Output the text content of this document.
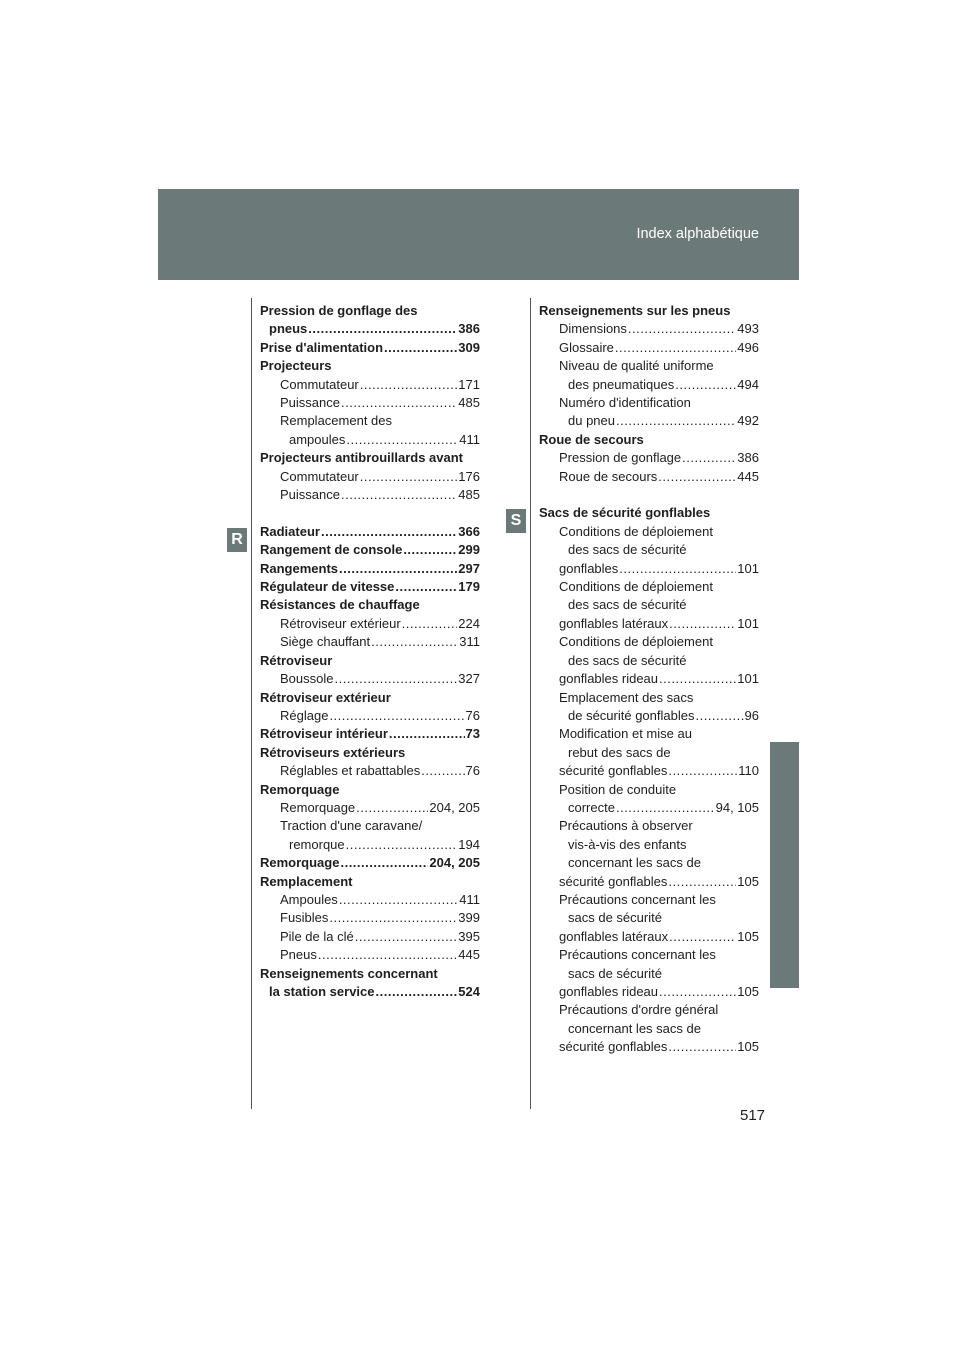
Index alphabétique
R
S
Pression de gonflage des
pneus .....	386
Prise d'alimentation .....	309
Projecteurs
Commutateur .....	171
Puissance .....	485
Remplacement des
ampoules .....	411
Projecteurs antibrouillards avant
Commutateur .....	176
Puissance .....	485
Radiateur .....	366
Rangement de console .....	299
Rangements .....	297
Régulateur de vitesse .....	179
Résistances de chauffage
Rétroviseur extérieur .....	224
Siège chauffant .....	311
Rétroviseur
Boussole .....	327
Rétroviseur extérieur
Réglage .....	76
Rétroviseur intérieur .....	73
Rétroviseurs extérieurs
Réglables et rabattables .....	76
Remorquage
Remorquage .....	204, 205
Traction d'une caravane/
remorque .....	194
Remorquage .....	204, 205
Remplacement
Ampoules .....	411
Fusibles .....	399
Pile de la clé .....	395
Pneus .....	445
Renseignements concernant
la station service .....	524
Renseignements sur les pneus
Dimensions .....	493
Glossaire .....	496
Niveau de qualité uniforme
des pneumatiques .....	494
Numéro d'identification
du pneu .....	492
Roue de secours
Pression de gonflage .....	386
Roue de secours .....	445
Sacs de sécurité gonflables
Conditions de déploiement
des sacs de sécurité
gonflables .....	101
Conditions de déploiement
des sacs de sécurité
gonflables latéraux .....	101
Conditions de déploiement
des sacs de sécurité
gonflables rideau .....	101
Emplacement des sacs
de sécurité gonflables .....	96
Modification et mise au
rebut des sacs de
sécurité gonflables .....	110
Position de conduite
correcte .....	94, 105
Précautions à observer
vis-à-vis des enfants
concernant les sacs de
sécurité gonflables .....	105
Précautions concernant les
sacs de sécurité
gonflables latéraux .....	105
Précautions concernant les
sacs de sécurité
gonflables rideau .....	105
Précautions d'ordre général
concernant les sacs de
sécurité gonflables .....	105
517
